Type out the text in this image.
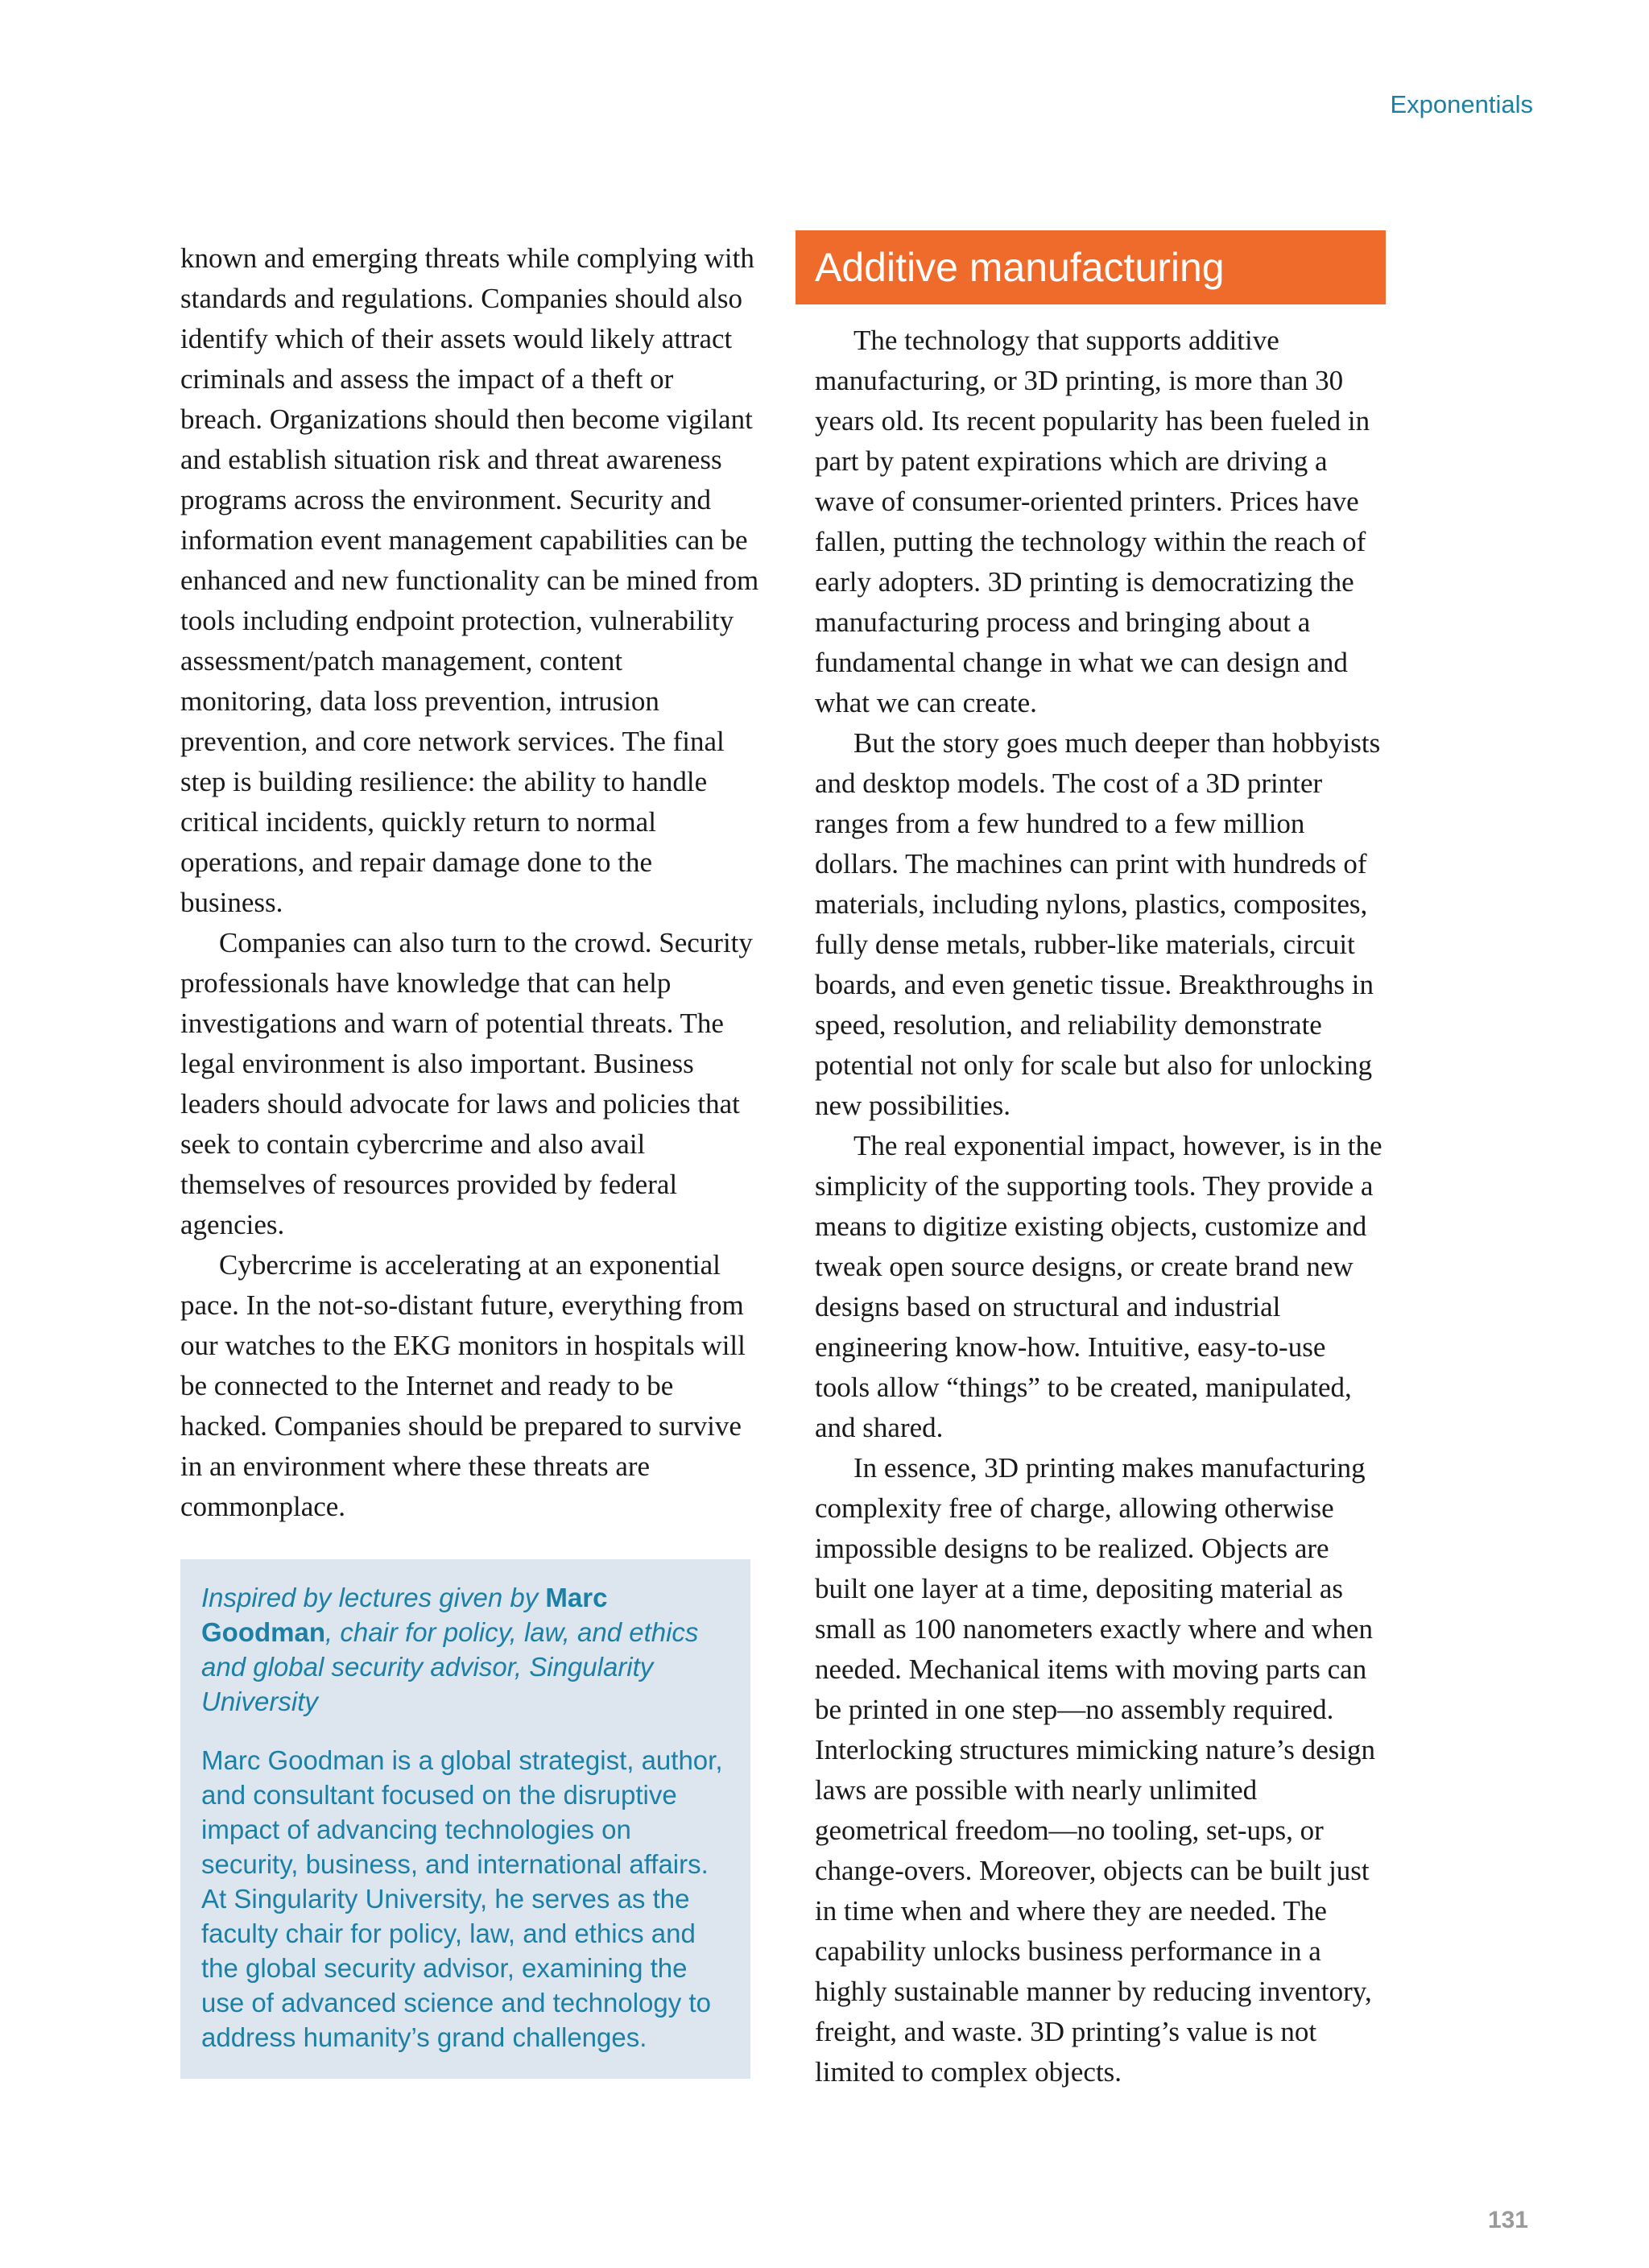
Exponentials

known and emerging threats while complying with standards and regulations. Companies should also identify which of their assets would likely attract criminals and assess the impact of a theft or breach. Organizations should then become vigilant and establish situation risk and threat awareness programs across the environment. Security and information event management capabilities can be enhanced and new functionality can be mined from tools including endpoint protection, vulnerability assessment/patch management, content monitoring, data loss prevention, intrusion prevention, and core network services. The final step is building resilience: the ability to handle critical incidents, quickly return to normal operations, and repair damage done to the business.

Companies can also turn to the crowd. Security professionals have knowledge that can help investigations and warn of potential threats. The legal environment is also important. Business leaders should advocate for laws and policies that seek to contain cybercrime and also avail themselves of resources provided by federal agencies.

Cybercrime is accelerating at an exponential pace. In the not-so-distant future, everything from our watches to the EKG monitors in hospitals will be connected to the Internet and ready to be hacked. Companies should be prepared to survive in an environment where these threats are commonplace.

Inspired by lectures given by Marc Goodman, chair for policy, law, and ethics and global security advisor, Singularity University

Marc Goodman is a global strategist, author, and consultant focused on the disruptive impact of advancing technologies on security, business, and international affairs. At Singularity University, he serves as the faculty chair for policy, law, and ethics and the global security advisor, examining the use of advanced science and technology to address humanity’s grand challenges.

Additive manufacturing

The technology that supports additive manufacturing, or 3D printing, is more than 30 years old. Its recent popularity has been fueled in part by patent expirations which are driving a wave of consumer-oriented printers. Prices have fallen, putting the technology within the reach of early adopters. 3D printing is democratizing the manufacturing process and bringing about a fundamental change in what we can design and what we can create.

But the story goes much deeper than hobbyists and desktop models. The cost of a 3D printer ranges from a few hundred to a few million dollars. The machines can print with hundreds of materials, including nylons, plastics, composites, fully dense metals, rubber-like materials, circuit boards, and even genetic tissue. Breakthroughs in speed, resolution, and reliability demonstrate potential not only for scale but also for unlocking new possibilities.

The real exponential impact, however, is in the simplicity of the supporting tools. They provide a means to digitize existing objects, customize and tweak open source designs, or create brand new designs based on structural and industrial engineering know-how. Intuitive, easy-to-use tools allow “things” to be created, manipulated, and shared.

In essence, 3D printing makes manufacturing complexity free of charge, allowing otherwise impossible designs to be realized. Objects are built one layer at a time, depositing material as small as 100 nanometers exactly where and when needed. Mechanical items with moving parts can be printed in one step—no assembly required. Interlocking structures mimicking nature’s design laws are possible with nearly unlimited geometrical freedom—no tooling, set-ups, or change-overs. Moreover, objects can be built just in time when and where they are needed. The capability unlocks business performance in a highly sustainable manner by reducing inventory, freight, and waste. 3D printing’s value is not limited to complex objects.

131
